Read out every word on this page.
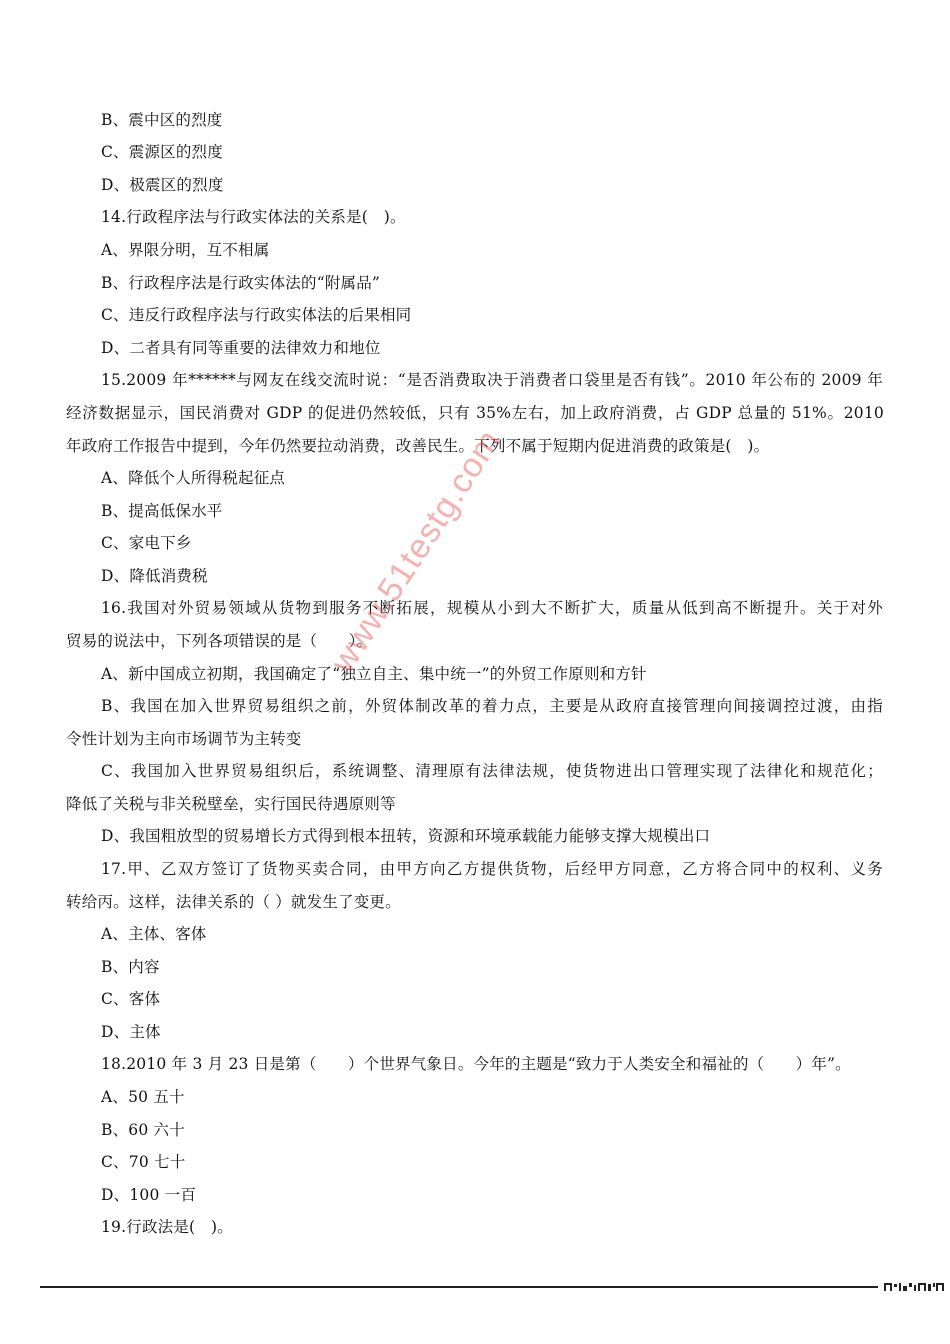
B、震中区的烈度
C、震源区的烈度
D、极震区的烈度
14.行政程序法与行政实体法的关系是(　)。
A、界限分明，互不相属
B、行政程序法是行政实体法的“附属品”
C、违反行政程序法与行政实体法的后果相同
D、二者具有同等重要的法律效力和地位
15.2009 年******与网友在线交流时说：“是否消费取决于消费者口袋里是否有钱”。2010 年公布的 2009 年
经济数据显示，国民消费对 GDP 的促进仍然较低，只有 35%左右，加上政府消费，占 GDP 总量的 51%。2010
年政府工作报告中提到，今年仍然要拉动消费，改善民生。下列不属于短期内促进消费的政策是(　)。
A、降低个人所得税起征点
B、提高低保水平
C、家电下乡
D、降低消费税
16.我国对外贸易领域从货物到服务不断拓展，规模从小到大不断扩大，质量从低到高不断提升。关于对外
贸易的说法中，下列各项错误的是（　　）。
A、新中国成立初期，我国确定了“独立自主、集中统一”的外贸工作原则和方针
B、我国在加入世界贸易组织之前，外贸体制改革的着力点，主要是从政府直接管理向间接调控过渡，由指
令性计划为主向市场调节为主转变
C、我国加入世界贸易组织后，系统调整、清理原有法律法规，使货物进出口管理实现了法律化和规范化；
降低了关税与非关税壁垒，实行国民待遇原则等
D、我国粗放型的贸易增长方式得到根本扭转，资源和环境承载能力能够支撑大规模出口
17.甲、乙双方签订了货物买卖合同，由甲方向乙方提供货物，后经甲方同意，乙方将合同中的权利、义务
转给丙。这样，法律关系的（ ）就发生了变更。
A、主体、客体
B、内容
C、客体
D、主体
18.2010 年 3 月 23 日是第（　　）个世界气象日。今年的主题是“致力于人类安全和福祉的（　　）年”。
A、50 五十
B、60 六十
C、70 七十
D、100 一百
19.行政法是(　)。
www.51testg.com
